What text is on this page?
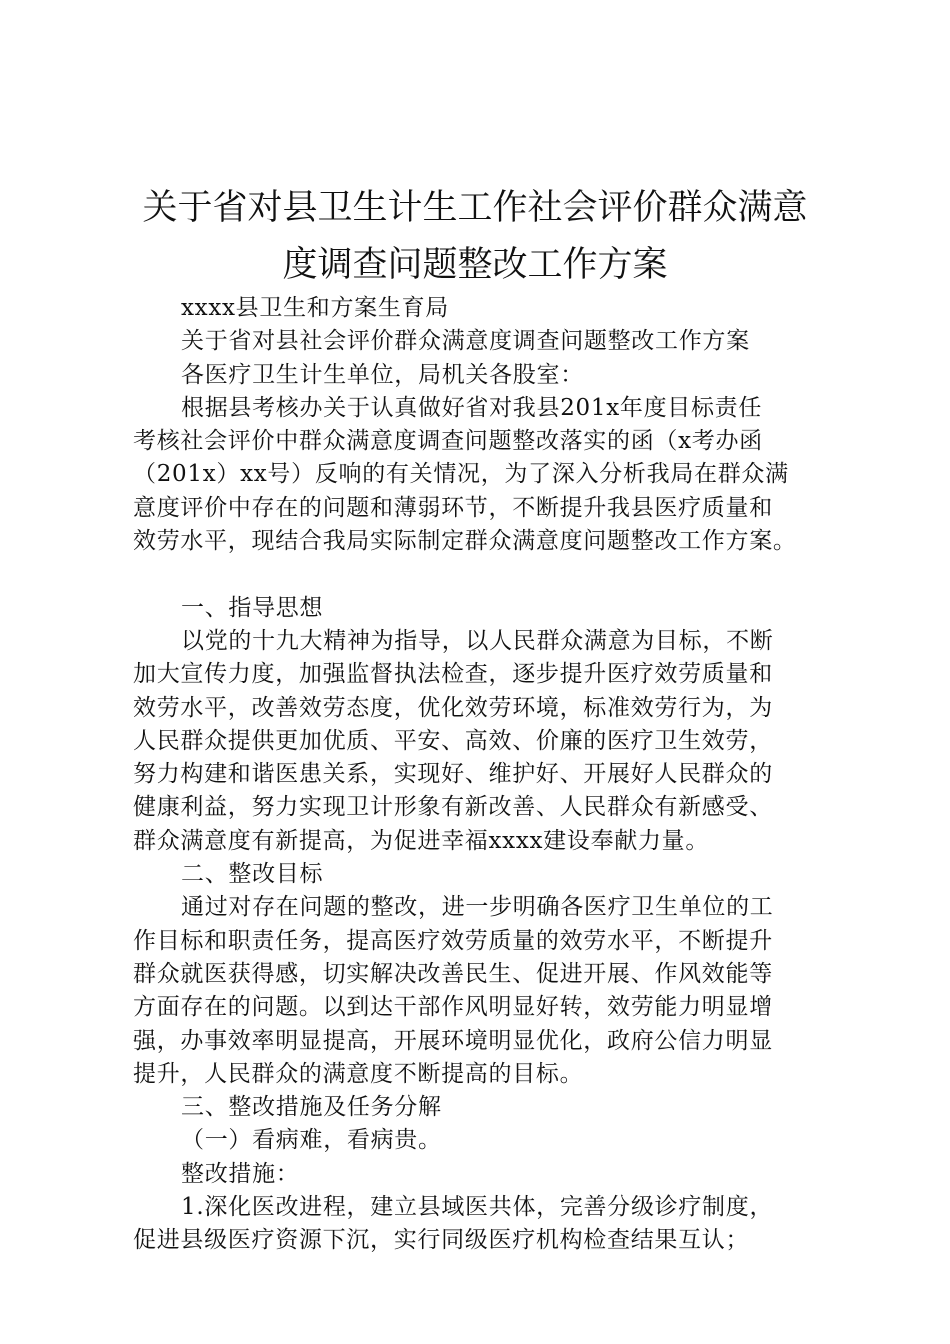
关于省对县卫生计生工作社会评价群众满意
度调查问题整改工作方案
xxxx县卫生和方案生育局
关于省对县社会评价群众满意度调查问题整改工作方案
各医疗卫生计生单位，局机关各股室：
根据县考核办关于认真做好省对我县201x年度目标责任
考核社会评价中群众满意度调查问题整改落实的函（x考办函
（201x）xx号）反响的有关情况，为了深入分析我局在群众满
意度评价中存在的问题和薄弱环节，不断提升我县医疗质量和
效劳水平，现结合我局实际制定群众满意度问题整改工作方案。
一、指导思想
以党的十九大精神为指导，以人民群众满意为目标，不断
加大宣传力度，加强监督执法检查，逐步提升医疗效劳质量和
效劳水平，改善效劳态度，优化效劳环境，标准效劳行为，为
人民群众提供更加优质、平安、高效、价廉的医疗卫生效劳，
努力构建和谐医患关系，实现好、维护好、开展好人民群众的
健康利益，努力实现卫计形象有新改善、人民群众有新感受、
群众满意度有新提高，为促进幸福xxxx建设奉献力量。
二、整改目标
通过对存在问题的整改，进一步明确各医疗卫生单位的工
作目标和职责任务，提高医疗效劳质量的效劳水平，不断提升
群众就医获得感，切实解决改善民生、促进开展、作风效能等
方面存在的问题。以到达干部作风明显好转，效劳能力明显增
强，办事效率明显提高，开展环境明显优化，政府公信力明显
提升，人民群众的满意度不断提高的目标。
三、整改措施及任务分解
（一）看病难，看病贵。
整改措施：
1.深化医改进程，建立县域医共体，完善分级诊疗制度，
促进县级医疗资源下沉，实行同级医疗机构检查结果互认；
